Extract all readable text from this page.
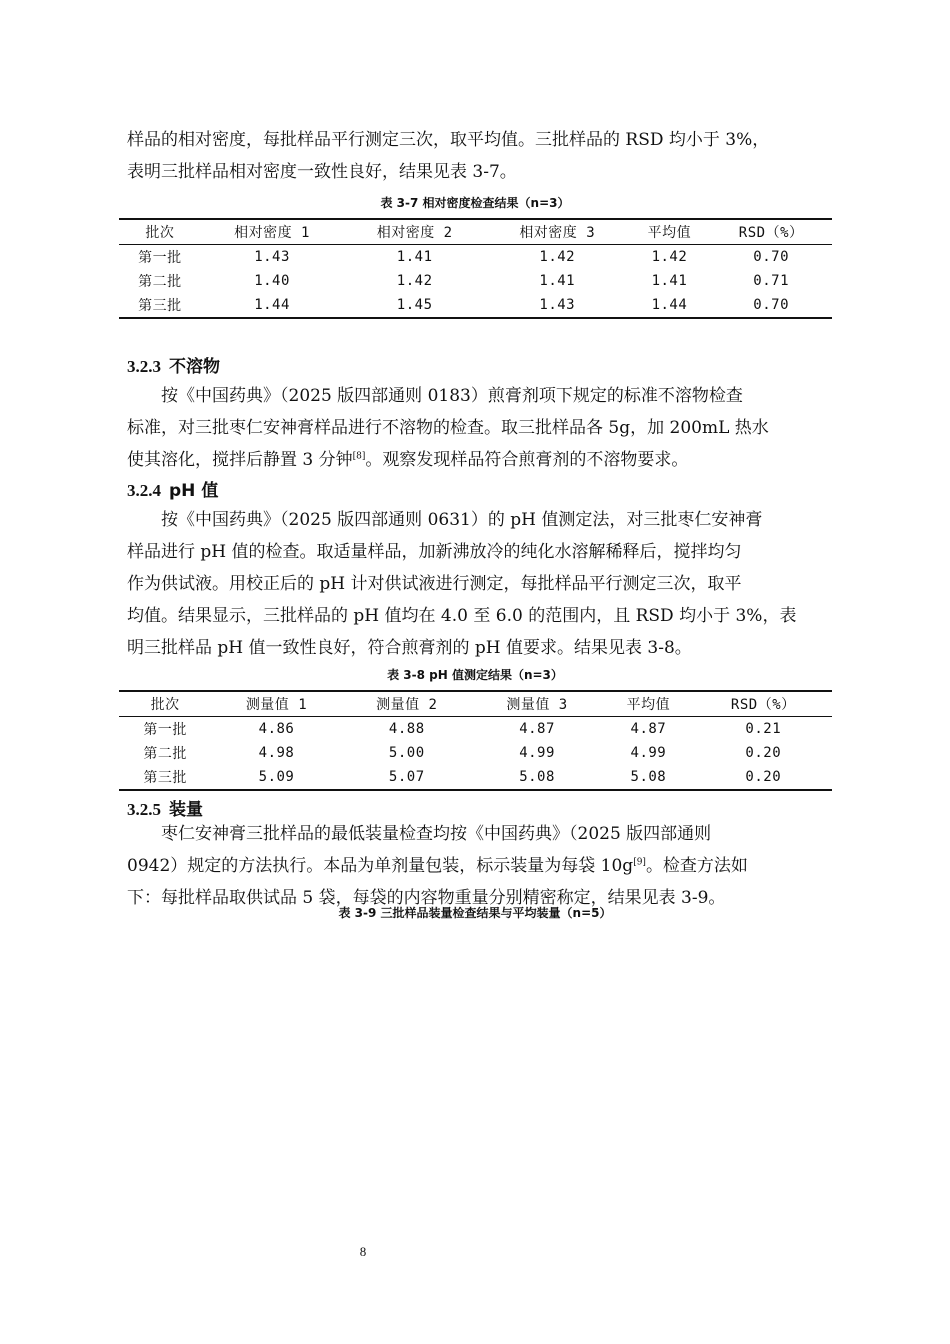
样品的相对密度，每批样品平行测定三次，取平均值。三批样品的 RSD 均小于 3%，
表明三批样品相对密度一致性良好，结果见表 3-7。
表 3-7 相对密度检查结果（n=3）
批次	相对密度 1	相对密度 2	相对密度 3	平均值	RSD（%）
第一批	1.43	1.41	1.42	1.42	0.70
第二批	1.40	1.42	1.41	1.41	0.71
第三批	1.44	1.45	1.43	1.44	0.70
3.2.3 不溶物
按《中国药典》（2025 版四部通则 0183）煎膏剂项下规定的标准不溶物检查
标准，对三批枣仁安神膏样品进行不溶物的检查。取三批样品各 5g，加 200mL 热水
使其溶化，搅拌后静置 3 分钟[8]。观察发现样品符合煎膏剂的不溶物要求。
3.2.4 pH 值
按《中国药典》（2025 版四部通则 0631）的 pH 值测定法，对三批枣仁安神膏
样品进行 pH 值的检查。取适量样品，加新沸放冷的纯化水溶解稀释后，搅拌均匀
作为供试液。用校正后的 pH 计对供试液进行测定，每批样品平行测定三次，取平
均值。结果显示，三批样品的 pH 值均在 4.0 至 6.0 的范围内，且 RSD 均小于 3%，表
明三批样品 pH 值一致性良好，符合煎膏剂的 pH 值要求。结果见表 3-8。
表 3-8 pH 值测定结果（n=3）
批次	测量值 1	测量值 2	测量值 3	平均值	RSD（%）
第一批	4.86	4.88	4.87	4.87	0.21
第二批	4.98	5.00	4.99	4.99	0.20
第三批	5.09	5.07	5.08	5.08	0.20
3.2.5 装量
枣仁安神膏三批样品的最低装量检查均按《中国药典》（2025 版四部通则
0942）规定的方法执行。本品为单剂量包装，标示装量为每袋 10g[9]。检查方法如
下：每批样品取供试品 5 袋，每袋的内容物重量分别精密称定，结果见表 3-9。
表 3-9 三批样品装量检查结果与平均装量（n=5）
8
